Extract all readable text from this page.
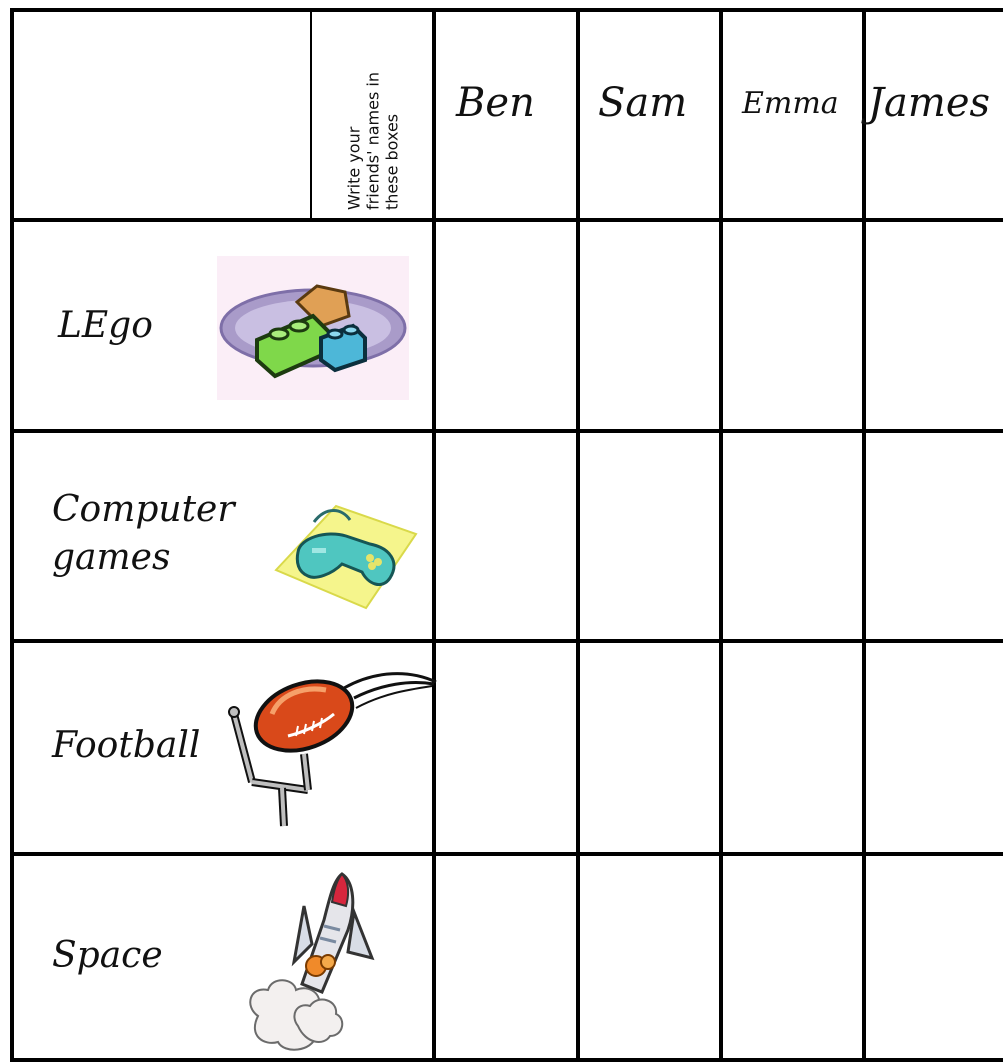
Write your friends' names in these boxes
Ben Sam Emma James
LEgo
Computer
games
Football
Space
